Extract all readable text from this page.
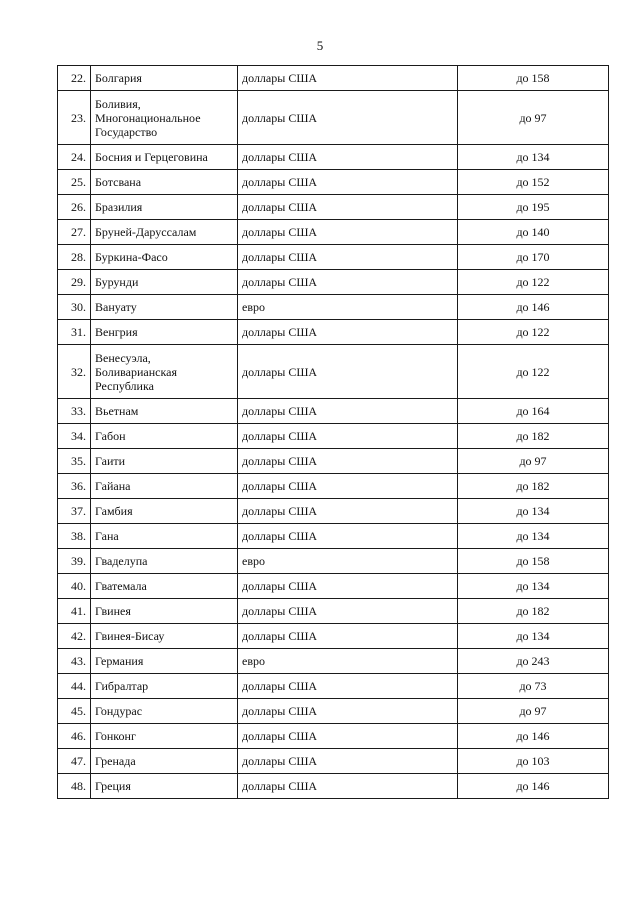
5
22.	Болгария	доллары США	до 158
23.	Боливия, Многонациональное Государство	доллары США	до 97
24.	Босния и Герцеговина	доллары США	до 134
25.	Ботсвана	доллары США	до 152
26.	Бразилия	доллары США	до 195
27.	Бруней-Даруссалам	доллары США	до 140
28.	Буркина-Фасо	доллары США	до 170
29.	Бурунди	доллары США	до 122
30.	Вануату	евро	до 146
31.	Венгрия	доллары США	до 122
32.	Венесуэла, Боливарианская Республика	доллары США	до 122
33.	Вьетнам	доллары США	до 164
34.	Габон	доллары США	до 182
35.	Гаити	доллары США	до 97
36.	Гайана	доллары США	до 182
37.	Гамбия	доллары США	до 134
38.	Гана	доллары США	до 134
39.	Гваделупа	евро	до 158
40.	Гватемала	доллары США	до 134
41.	Гвинея	доллары США	до 182
42.	Гвинея-Бисау	доллары США	до 134
43.	Германия	евро	до 243
44.	Гибралтар	доллары США	до 73
45.	Гондурас	доллары США	до 97
46.	Гонконг	доллары США	до 146
47.	Гренада	доллары США	до 103
48.	Греция	доллары США	до 146
